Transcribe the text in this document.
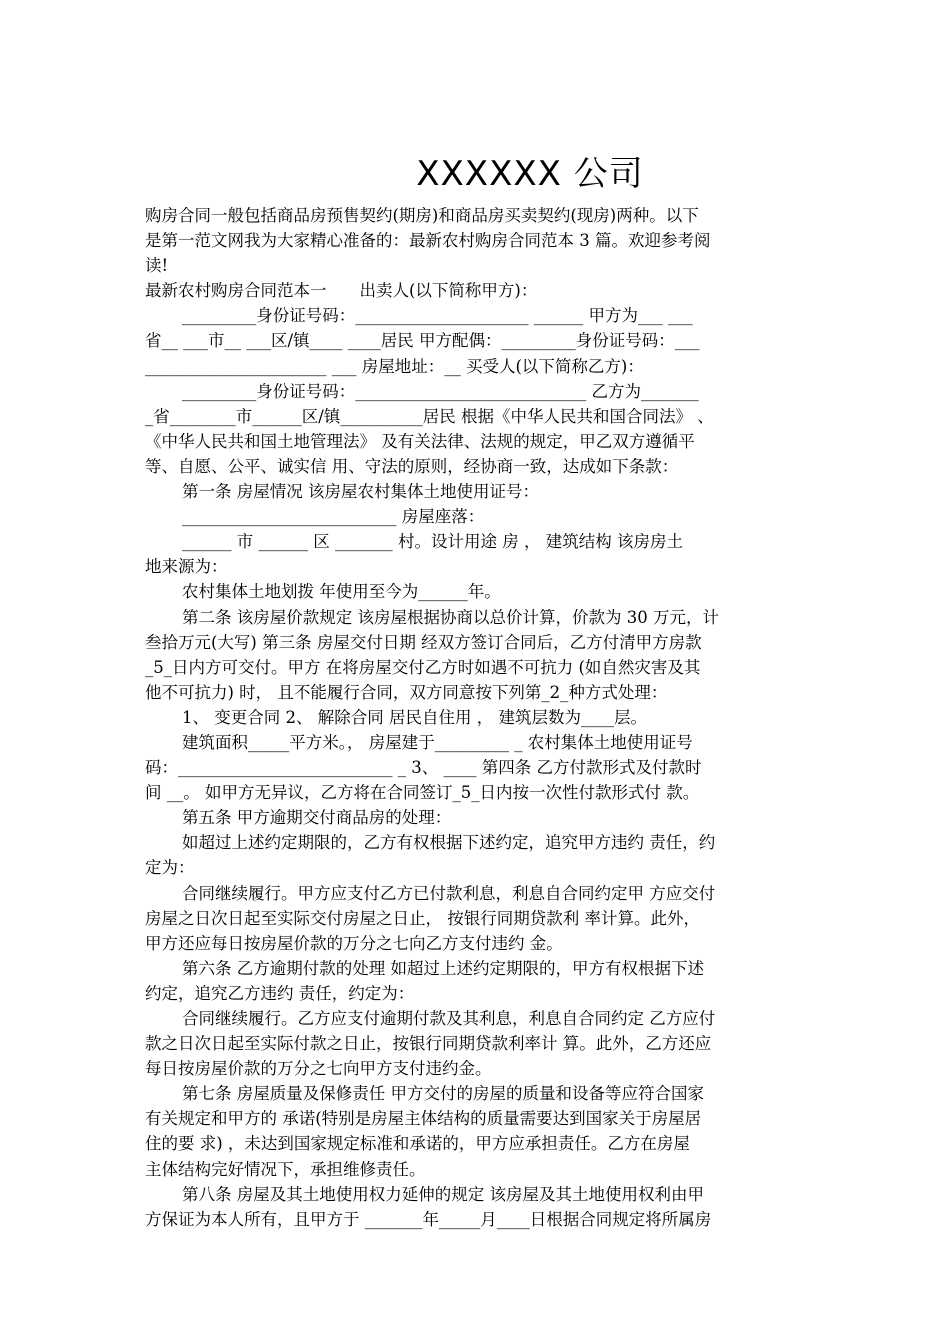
XXXXXX 公司
购房合同一般包括商品房预售契约(期房)和商品房买卖契约(现房)两种。以下
是第一范文网我为大家精心准备的：最新农村购房合同范本 3 篇。欢迎参考阅
读!
最新农村购房合同范本一　　出卖人(以下简称甲方)：
_________身份证号码：_____________________ ______ 甲方为___ ___
省__ ___市__ ___区/镇____ ____居民 甲方配偶：_________身份证号码：___
______________________ ___ 房屋地址：__ 买受人(以下简称乙方)：
_________身份证号码：____________________________ 乙方为_______
_省________市______区/镇__________居民 根据《中华人民共和国合同法》 、
《中华人民共和国土地管理法》 及有关法律、法规的规定，甲乙双方遵循平
等、自愿、公平、诚实信 用、守法的原则，经协商一致，达成如下条款：
第一条 房屋情况 该房屋农村集体土地使用证号：
__________________________ 房屋座落：
______ 市 ______ 区 _______ 村。设计用途 房 ， 建筑结构 该房房土
地来源为：
农村集体土地划拨 年使用至今为______年。
第二条 该房屋价款规定 该房屋根据协商以总价计算，价款为 30 万元，计
叁拾万元(大写) 第三条 房屋交付日期 经双方签订合同后，乙方付清甲方房款
_5_日内方可交付。甲方 在将房屋交付乙方时如遇不可抗力 (如自然灾害及其
他不可抗力) 时， 且不能履行合同，双方同意按下列第_2_种方式处理：
1、 变更合同 2、 解除合同 居民自住用 ， 建筑层数为____层。
建筑面积_____平方米。， 房屋建于_________ _ 农村集体土地使用证号
码：__________________________ _ 3、 ____ 第四条 乙方付款形式及付款时
间 __。 如甲方无异议，乙方将在合同签订_5_日内按一次性付款形式付 款。
第五条 甲方逾期交付商品房的处理：
如超过上述约定期限的，乙方有权根据下述约定，追究甲方违约 责任，约
定为：
合同继续履行。甲方应支付乙方已付款利息，利息自合同约定甲 方应交付
房屋之日次日起至实际交付房屋之日止， 按银行同期贷款利 率计算。此外，
甲方还应每日按房屋价款的万分之七向乙方支付违约 金。
第六条 乙方逾期付款的处理 如超过上述约定期限的，甲方有权根据下述
约定，追究乙方违约 责任，约定为：
合同继续履行。乙方应支付逾期付款及其利息，利息自合同约定 乙方应付
款之日次日起至实际付款之日止，按银行同期贷款利率计 算。此外，乙方还应
每日按房屋价款的万分之七向甲方支付违约金。
第七条 房屋质量及保修责任 甲方交付的房屋的质量和设备等应符合国家
有关规定和甲方的 承诺(特别是房屋主体结构的质量需要达到国家关于房屋居
住的要 求) ，未达到国家规定标准和承诺的，甲方应承担责任。乙方在房屋
主体结构完好情况下，承担维修责任。
第八条 房屋及其土地使用权力延伸的规定 该房屋及其土地使用权利由甲
方保证为本人所有，且甲方于 _______年_____月____日根据合同规定将所属房
